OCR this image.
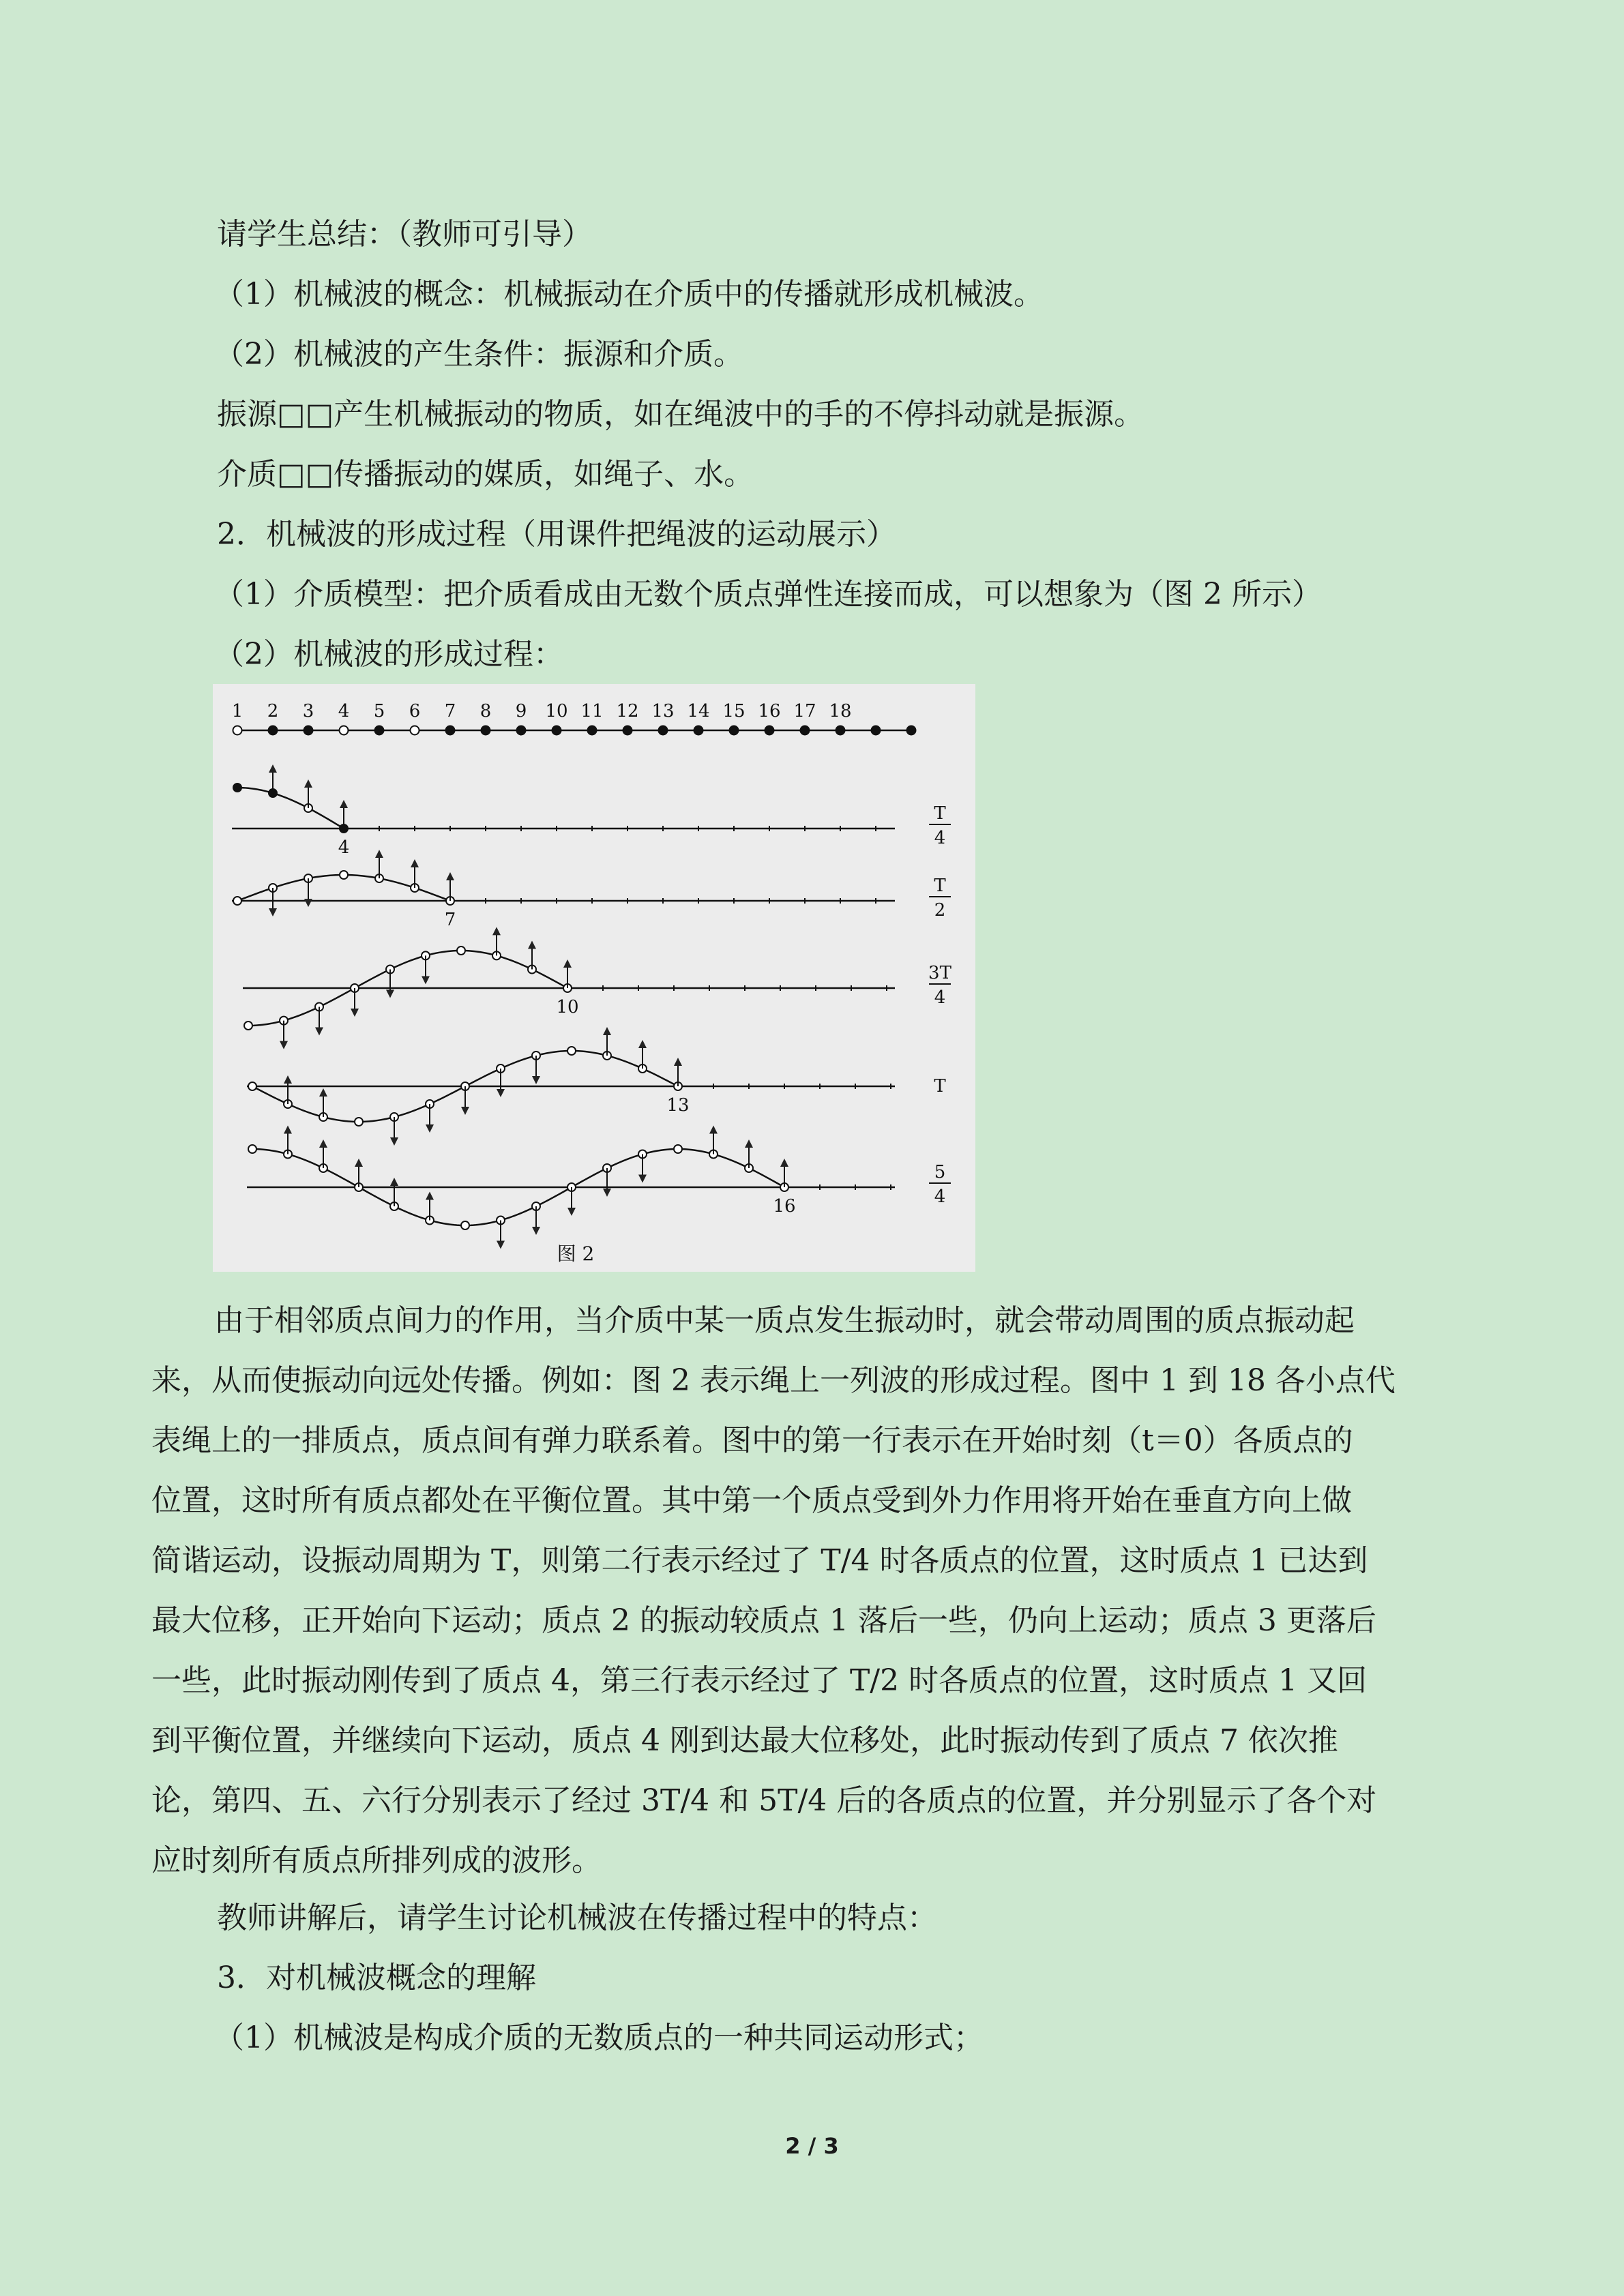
请学生总结：（教师可引导）
（1）机械波的概念：机械振动在介质中的传播就形成机械波。
（2）机械波的产生条件：振源和介质。
振源□□产生机械振动的物质，如在绳波中的手的不停抖动就是振源。
介质□□传播振动的媒质，如绳子、水。
2．机械波的形成过程（用课件把绳波的运动展示）
（1）介质模型：把介质看成由无数个质点弹性连接而成，可以想象为（图 2 所示）
（2）机械波的形成过程：
1 2 3 4 5 6 7 8 9 10 11 12 13 14 15 16 17 18
4
T
4
7
T
2
10
3T
4
13
T
16
5
4
图 2

由于相邻质点间力的作用，当介质中某一质点发生振动时，就会带动周围的质点振动起

来，从而使振动向远处传播。例如：图 2 表示绳上一列波的形成过程。图中 1 到 18 各小点代

表绳上的一排质点，质点间有弹力联系着。图中的第一行表示在开始时刻（t＝0）各质点的

位置，这时所有质点都处在平衡位置。其中第一个质点受到外力作用将开始在垂直方向上做

简谐运动，设振动周期为 T，则第二行表示经过了 T/4 时各质点的位置，这时质点 1 已达到

最大位移，正开始向下运动；质点 2 的振动较质点 1 落后一些，仍向上运动；质点 3 更落后

一些，此时振动刚传到了质点 4，第三行表示经过了 T/2 时各质点的位置，这时质点 1 又回

到平衡位置，并继续向下运动，质点 4 刚到达最大位移处，此时振动传到了质点 7 依次推

论，第四、五、六行分别表示了经过 3T/4 和 5T/4 后的各质点的位置，并分别显示了各个对

应时刻所有质点所排列成的波形。

教师讲解后，请学生讨论机械波在传播过程中的特点：
3．对机械波概念的理解
（1）机械波是构成介质的无数质点的一种共同运动形式；
2 / 3
